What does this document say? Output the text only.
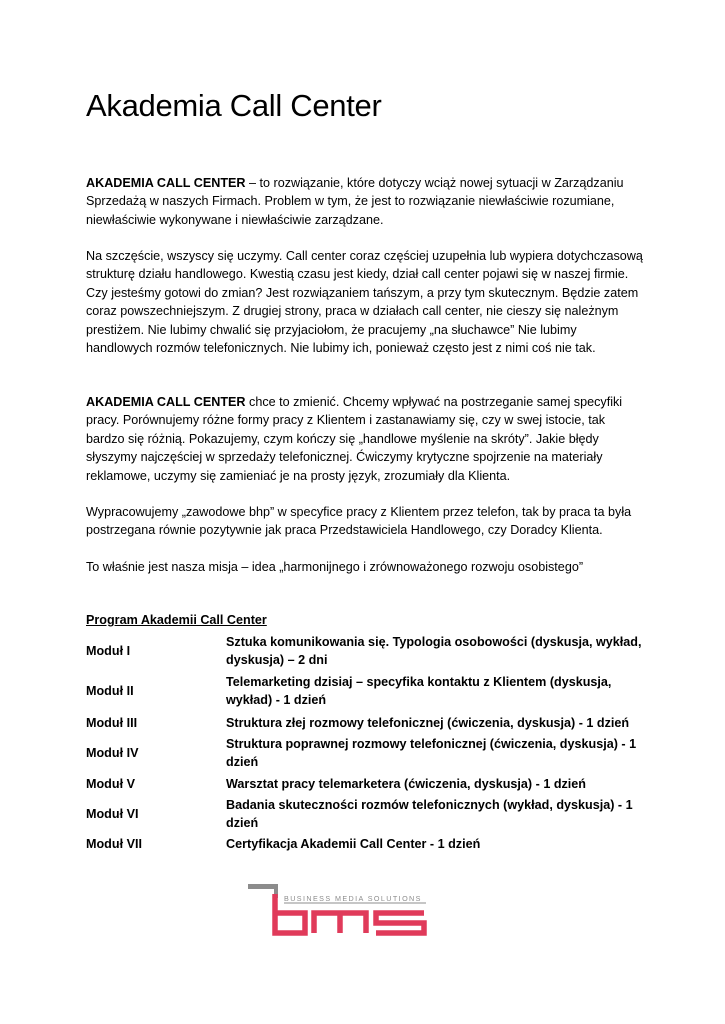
Akademia Call Center

AKADEMIA CALL CENTER – to rozwiązanie, które dotyczy wciąż nowej sytuacji w Zarządzaniu Sprzedażą w naszych Firmach. Problem w tym, że jest to rozwiązanie niewłaściwie rozumiane, niewłaściwie wykonywane i niewłaściwie zarządzane.

Na szczęście, wszyscy się uczymy. Call center coraz częściej uzupełnia lub wypiera dotychczasową strukturę działu handlowego. Kwestią czasu jest kiedy, dział call center pojawi się w naszej firmie. Czy jesteśmy gotowi do zmian? Jest rozwiązaniem tańszym, a przy tym skutecznym. Będzie zatem coraz powszechniejszym. Z drugiej strony, praca w działach call center, nie cieszy się należnym prestiżem. Nie lubimy chwalić się przyjaciołom, że pracujemy „na słuchawce” Nie lubimy handlowych rozmów telefonicznych. Nie lubimy ich, ponieważ często jest z nimi coś nie tak.

AKADEMIA CALL CENTER chce to zmienić. Chcemy wpływać na postrzeganie samej specyfiki pracy. Porównujemy różne formy pracy z Klientem i zastanawiamy się, czy w swej istocie, tak bardzo się różnią. Pokazujemy, czym kończy się „handlowe myślenie na skróty”. Jakie błędy słyszymy najczęściej w sprzedaży telefonicznej. Ćwiczymy krytyczne spojrzenie na materiały reklamowe, uczymy się zamieniać je na prosty język, zrozumiały dla Klienta.

Wypracowujemy „zawodowe bhp” w specyfice pracy z Klientem przez telefon, tak by praca ta była postrzegana równie pozytywnie jak praca Przedstawiciela Handlowego, czy Doradcy Klienta.

To właśnie jest nasza misja – idea „harmonijnego i zrównoważonego rozwoju osobistego”

Program Akademii Call Center

Moduł I	Sztuka komunikowania się. Typologia osobowości (dyskusja, wykład, dyskusja) – 2 dni
Moduł II	Telemarketing dzisiaj – specyfika kontaktu z Klientem (dyskusja, wykład) - 1 dzień
Moduł III	Struktura złej rozmowy telefonicznej (ćwiczenia, dyskusja) - 1 dzień
Moduł IV	Struktura poprawnej rozmowy telefonicznej (ćwiczenia, dyskusja) - 1 dzień
Moduł V	Warsztat pracy telemarketera (ćwiczenia, dyskusja) - 1 dzień
Moduł VI	Badania skuteczności rozmów telefonicznych (wykład, dyskusja) - 1 dzień
Moduł VII	Certyfikacja Akademii Call Center - 1 dzień
BUSINESS MEDIA SOLUTIONS
